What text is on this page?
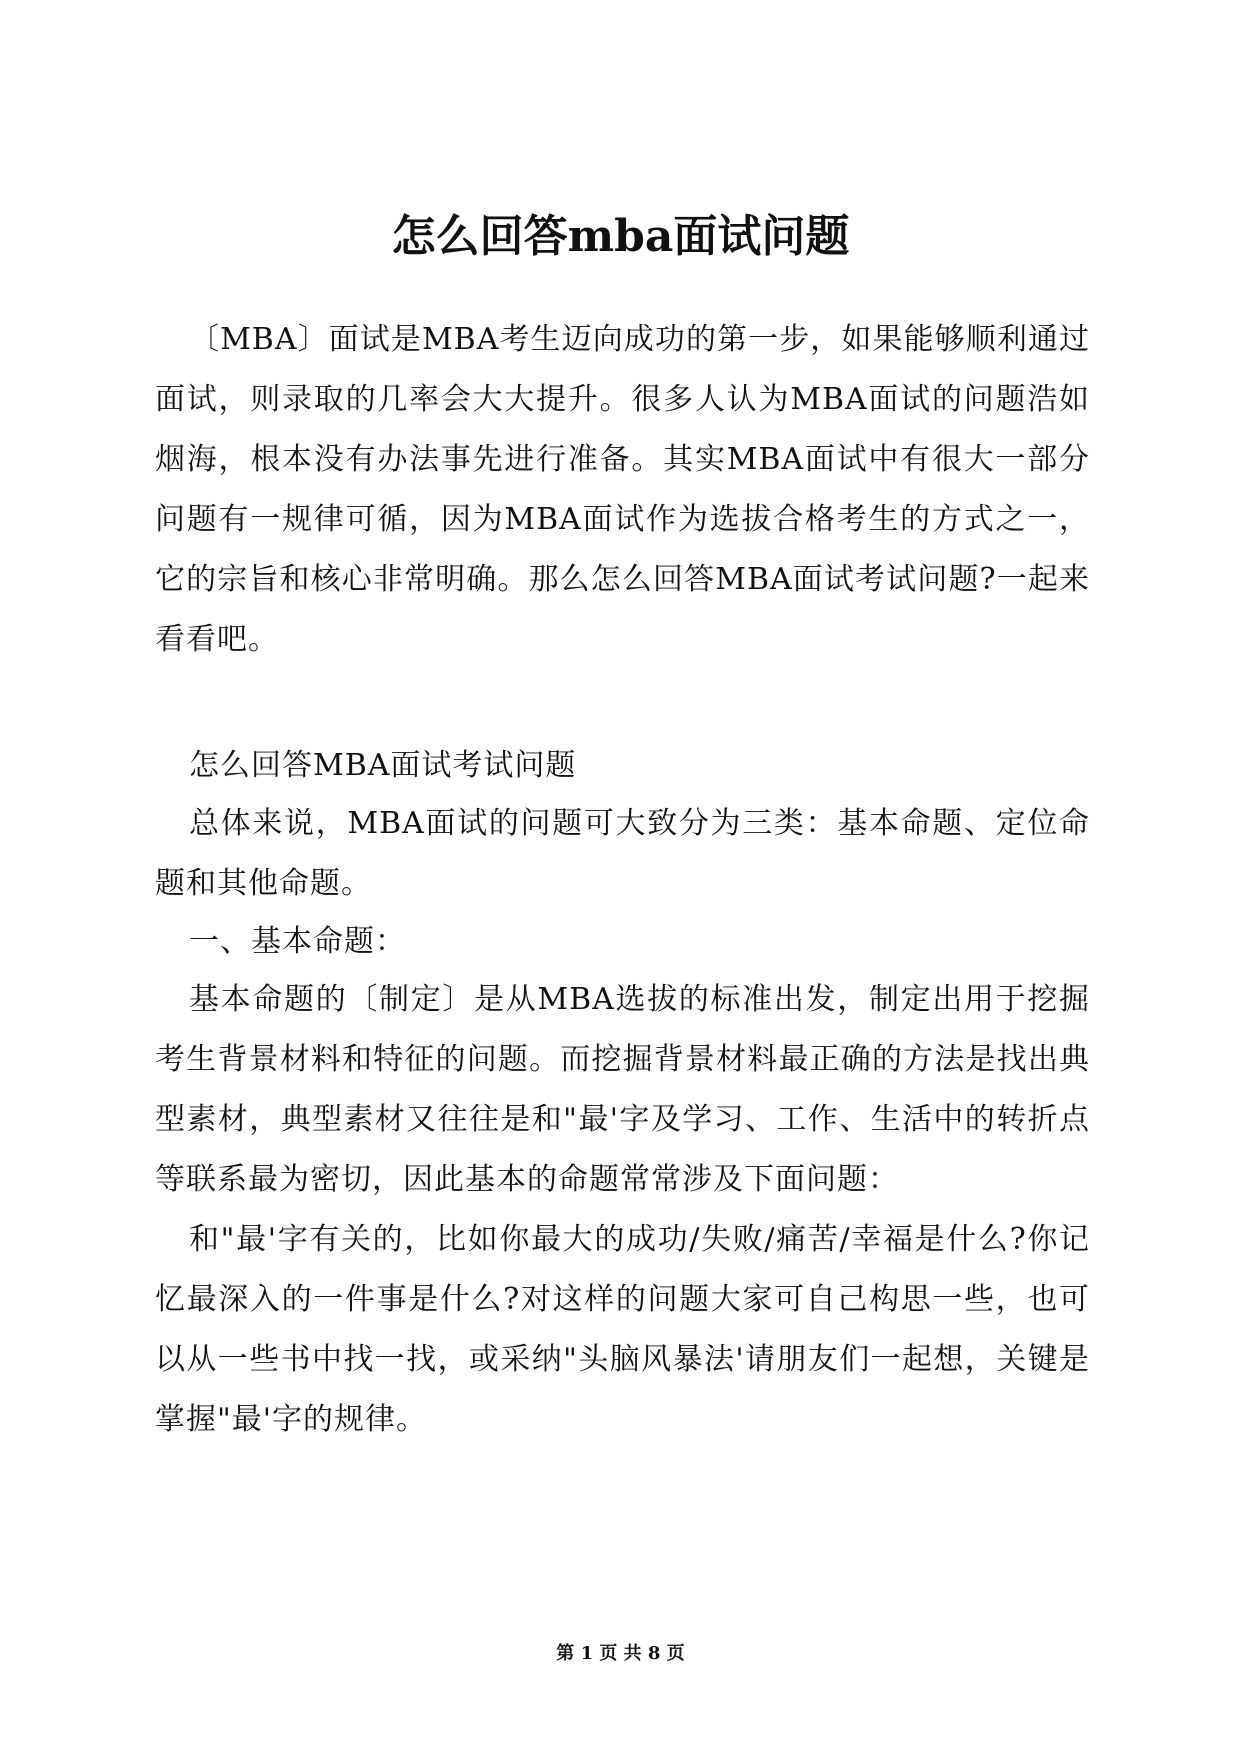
怎么回答mba面试问题

〔MBA〕面试是MBA考生迈向成功的第一步，如果能够顺利通过面试，则录取的几率会大大提升。很多人认为MBA面试的问题浩如烟海，根本没有办法事先进行准备。其实MBA面试中有很大一部分问题有一规律可循，因为MBA面试作为选拔合格考生的方式之一，它的宗旨和核心非常明确。那么怎么回答MBA面试考试问题?一起来看看吧。

怎么回答MBA面试考试问题

总体来说，MBA面试的问题可大致分为三类：基本命题、定位命题和其他命题。

一、基本命题：

基本命题的〔制定〕是从MBA选拔的标准出发，制定出用于挖掘考生背景材料和特征的问题。而挖掘背景材料最正确的方法是找出典型素材，典型素材又往往是和"最'字及学习、工作、生活中的转折点等联系最为密切，因此基本的命题常常涉及下面问题：

和"最'字有关的，比如你最大的成功/失败/痛苦/幸福是什么?你记忆最深入的一件事是什么?对这样的问题大家可自己构思一些，也可以从一些书中找一找，或采纳"头脑风暴法'请朋友们一起想，关键是掌握"最'字的规律。

第 1 页 共 8 页
